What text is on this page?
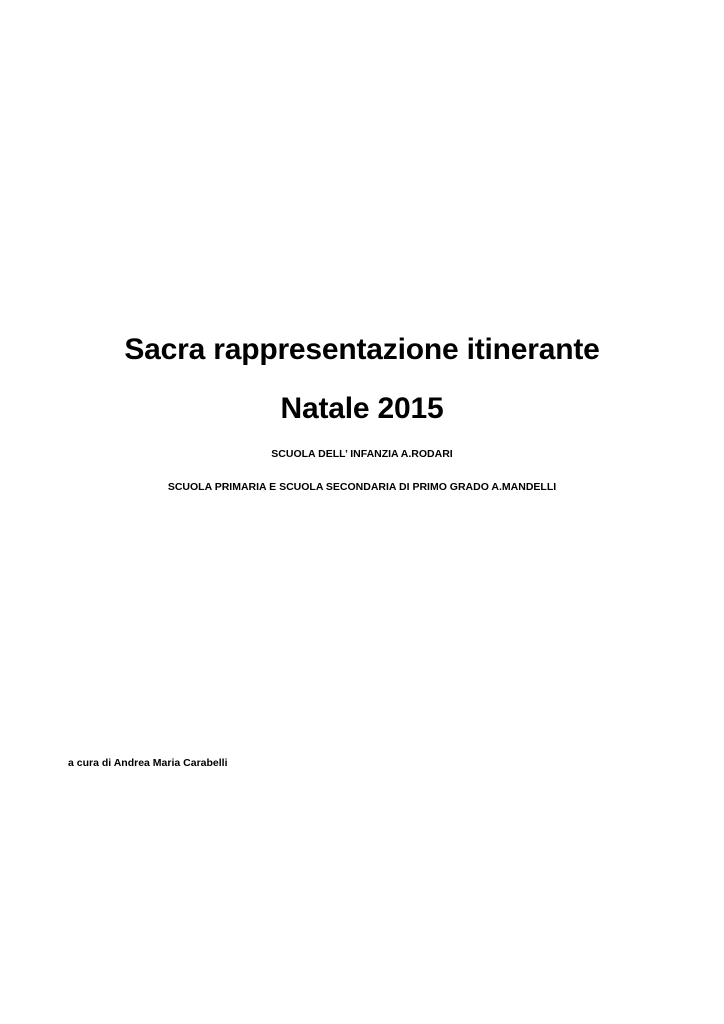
Sacra rappresentazione itinerante
Natale 2015

SCUOLA DELL’ INFANZIA A.RODARI

SCUOLA PRIMARIA E SCUOLA SECONDARIA DI PRIMO GRADO A.MANDELLI

a cura di Andrea Maria Carabelli
